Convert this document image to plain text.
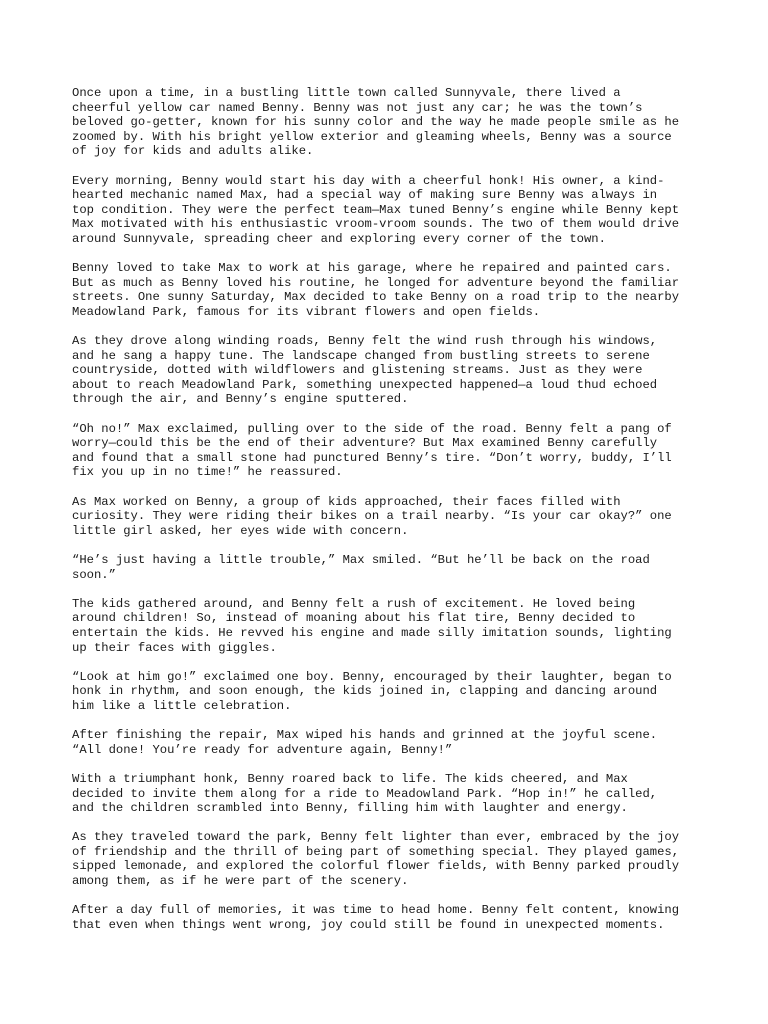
Once upon a time, in a bustling little town called Sunnyvale, there lived a
cheerful yellow car named Benny. Benny was not just any car; he was the town’s
beloved go-getter, known for his sunny color and the way he made people smile as he
zoomed by. With his bright yellow exterior and gleaming wheels, Benny was a source
of joy for kids and adults alike.

Every morning, Benny would start his day with a cheerful honk! His owner, a kind-
hearted mechanic named Max, had a special way of making sure Benny was always in
top condition. They were the perfect team—Max tuned Benny’s engine while Benny kept
Max motivated with his enthusiastic vroom-vroom sounds. The two of them would drive
around Sunnyvale, spreading cheer and exploring every corner of the town.

Benny loved to take Max to work at his garage, where he repaired and painted cars.
But as much as Benny loved his routine, he longed for adventure beyond the familiar
streets. One sunny Saturday, Max decided to take Benny on a road trip to the nearby
Meadowland Park, famous for its vibrant flowers and open fields.

As they drove along winding roads, Benny felt the wind rush through his windows,
and he sang a happy tune. The landscape changed from bustling streets to serene
countryside, dotted with wildflowers and glistening streams. Just as they were
about to reach Meadowland Park, something unexpected happened—a loud thud echoed
through the air, and Benny’s engine sputtered.

“Oh no!” Max exclaimed, pulling over to the side of the road. Benny felt a pang of
worry—could this be the end of their adventure? But Max examined Benny carefully
and found that a small stone had punctured Benny’s tire. “Don’t worry, buddy, I’ll
fix you up in no time!” he reassured.

As Max worked on Benny, a group of kids approached, their faces filled with
curiosity. They were riding their bikes on a trail nearby. “Is your car okay?” one
little girl asked, her eyes wide with concern.

“He’s just having a little trouble,” Max smiled. “But he’ll be back on the road
soon.”

The kids gathered around, and Benny felt a rush of excitement. He loved being
around children! So, instead of moaning about his flat tire, Benny decided to
entertain the kids. He revved his engine and made silly imitation sounds, lighting
up their faces with giggles.

“Look at him go!” exclaimed one boy. Benny, encouraged by their laughter, began to
honk in rhythm, and soon enough, the kids joined in, clapping and dancing around
him like a little celebration.

After finishing the repair, Max wiped his hands and grinned at the joyful scene.
“All done! You’re ready for adventure again, Benny!”

With a triumphant honk, Benny roared back to life. The kids cheered, and Max
decided to invite them along for a ride to Meadowland Park. “Hop in!” he called,
and the children scrambled into Benny, filling him with laughter and energy.

As they traveled toward the park, Benny felt lighter than ever, embraced by the joy
of friendship and the thrill of being part of something special. They played games,
sipped lemonade, and explored the colorful flower fields, with Benny parked proudly
among them, as if he were part of the scenery.

After a day full of memories, it was time to head home. Benny felt content, knowing
that even when things went wrong, joy could still be found in unexpected moments.
